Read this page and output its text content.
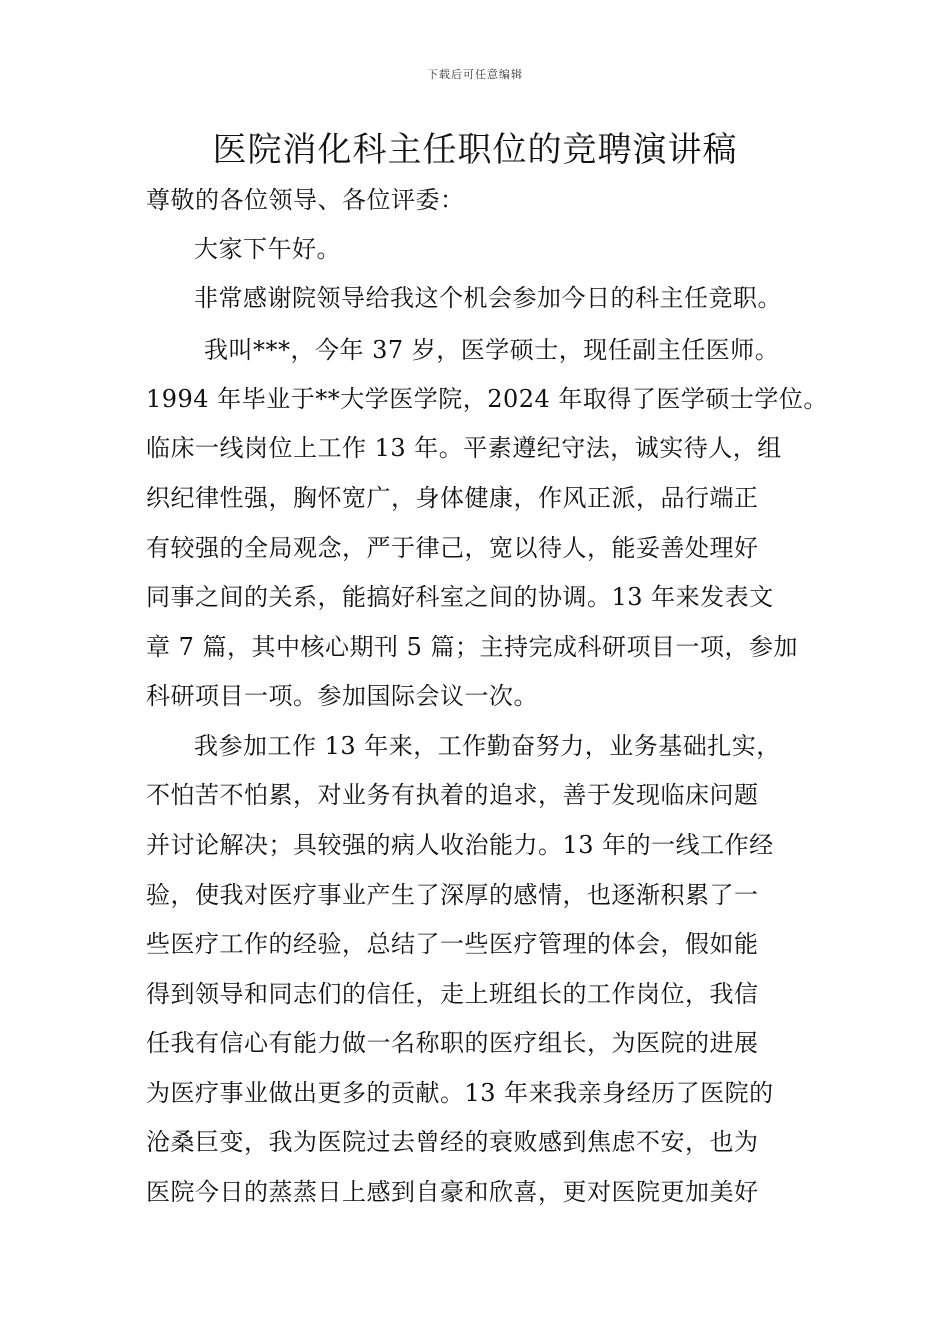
下载后可任意编辑
医院消化科主任职位的竞聘演讲稿
尊敬的各位领导、各位评委：
大家下午好。
非常感谢院领导给我这个机会参加今日的科主任竞职。
我叫***，今年 37 岁，医学硕士，现任副主任医师。
1994 年毕业于**大学医学院，2024 年取得了医学硕士学位。
临床一线岗位上工作 13 年。平素遵纪守法，诚实待人，组
织纪律性强，胸怀宽广，身体健康，作风正派，品行端正
有较强的全局观念，严于律己，宽以待人，能妥善处理好
同事之间的关系，能搞好科室之间的协调。13 年来发表文
章 7 篇，其中核心期刊 5 篇；主持完成科研项目一项，参加
科研项目一项。参加国际会议一次。
我参加工作 13 年来，工作勤奋努力，业务基础扎实，
不怕苦不怕累，对业务有执着的追求，善于发现临床问题
并讨论解决；具较强的病人收治能力。13 年的一线工作经
验，使我对医疗事业产生了深厚的感情，也逐渐积累了一
些医疗工作的经验，总结了一些医疗管理的体会，假如能
得到领导和同志们的信任，走上班组长的工作岗位，我信
任我有信心有能力做一名称职的医疗组长，为医院的进展
为医疗事业做出更多的贡献。13 年来我亲身经历了医院的
沧桑巨变，我为医院过去曾经的衰败感到焦虑不安，也为
医院今日的蒸蒸日上感到自豪和欣喜，更对医院更加美好
